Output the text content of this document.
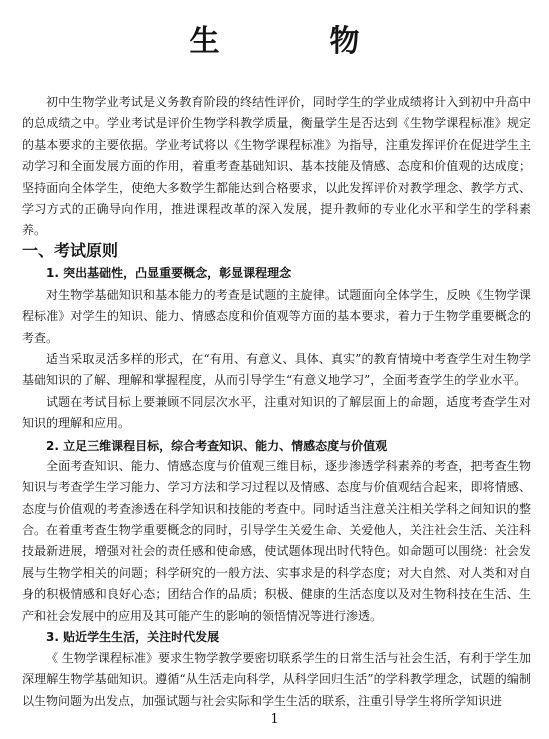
生　物

初中生物学业考试是义务教育阶段的终结性评价，同时学生的学业成绩将计入到初中升高中的总成绩之中。学业考试是评价生物学科教学质量，衡量学生是否达到《生物学课程标准》规定的基本要求的主要依据。学业考试将以《生物学课程标准》为指导，注重发挥评价在促进学生主动学习和全面发展方面的作用，着重考查基础知识、基本技能及情感、态度和价值观的达成度；坚持面向全体学生，使绝大多数学生都能达到合格要求，以此发挥评价对教学理念、教学方式、学习方式的正确导向作用，推进课程改革的深入发展，提升教师的专业化水平和学生的学科素养。

一、考试原则
1. 突出基础性，凸显重要概念，彰显课程理念

对生物学基础知识和基本能力的考查是试题的主旋律。试题面向全体学生，反映《生物学课程标准》对学生的知识、能力、情感态度和价值观等方面的基本要求，着力于生物学重要概念的考查。

适当采取灵活多样的形式，在“有用、有意义、具体、真实”的教育情境中考查学生对生物学基础知识的了解、理解和掌握程度，从而引导学生“有意义地学习”，全面考查学生的学业水平。

试题在考试目标上要兼顾不同层次水平，注重对知识的了解层面上的命题，适度考查学生对知识的理解和应用。

2. 立足三维课程目标，综合考查知识、能力、情感态度与价值观

全面考查知识、能力、情感态度与价值观三维目标，逐步渗透学科素养的考查，把考查生物知识与考查学生学习能力、学习方法和学习过程以及情感、态度与价值观结合起来，即将情感、态度与价值观的考查渗透在科学知识和技能的考查中。同时适当注意关注相关学科之间知识的整合。 在着重考查生物学重要概念的同时，引导学生关爱生命、关爱他人，关注社会生活、关注科技最新进展，增强对社会的责任感和使命感，使试题体现出时代特色。如命题可以围绕：社会发展与生物学相关的问题；科学研究的一般方法、实事求是的科学态度；对大自然、对人类和对自身的积极情感和良好心态；团结合作的品质；积极、健康的生活态度以及对生物科技在生活、生产和社会发展中的应用及其可能产生的影响的领悟情况等进行渗透。

3. 贴近学生生活，关注时代发展

《 生物学课程标准》要求生物学教学要密切联系学生的日常生活与社会生活，有利于学生加深理解生物学基础知识。遵循“从生活走向科学，从科学回归生活”的学科教学理念，试题的编制以生物问题为出发点，加强试题与社会实际和学生生活的联系，注重引导学生将所学知识进

1
